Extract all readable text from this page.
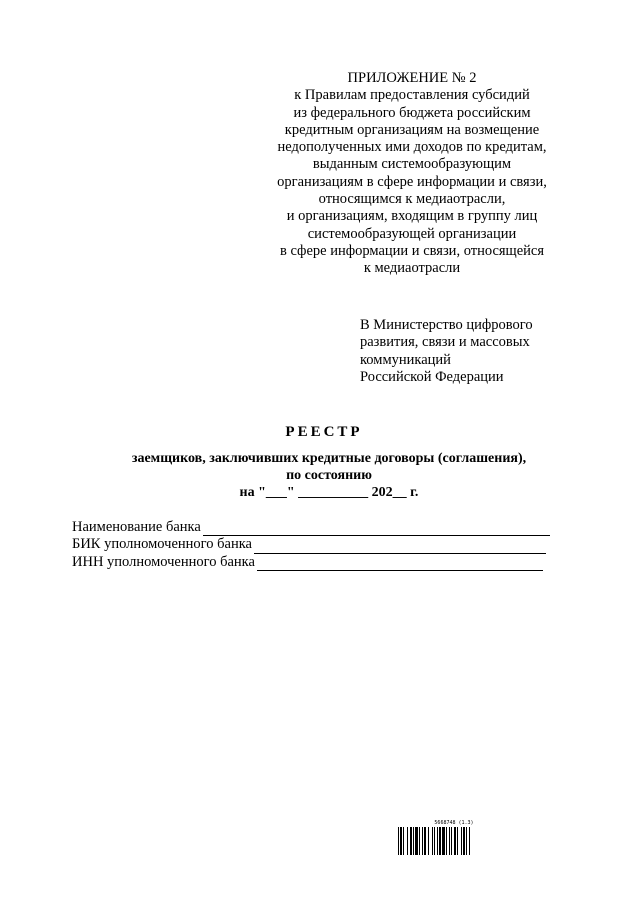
ПРИЛОЖЕНИЕ № 2
к Правилам предоставления субсидий
из федерального бюджета российским
кредитным организациям на возмещение
недополученных ими доходов по кредитам,
выданным системообразующим
организациям в сфере информации и связи,
относящимся к медиаотрасли,
и организациям, входящим в группу лиц
системообразующей организации
в сфере информации и связи, относящейся
к медиаотрасли
В Министерство цифрового
развития, связи и массовых
коммуникаций
Российской Федерации
РЕЕСТР
заемщиков, заключивших кредитные договоры (соглашения),
по состоянию
на "___" __________ 202__ г.
Наименование банка
БИК уполномоченного банка
ИНН уполномоченного банка
5668748 (1.3)
